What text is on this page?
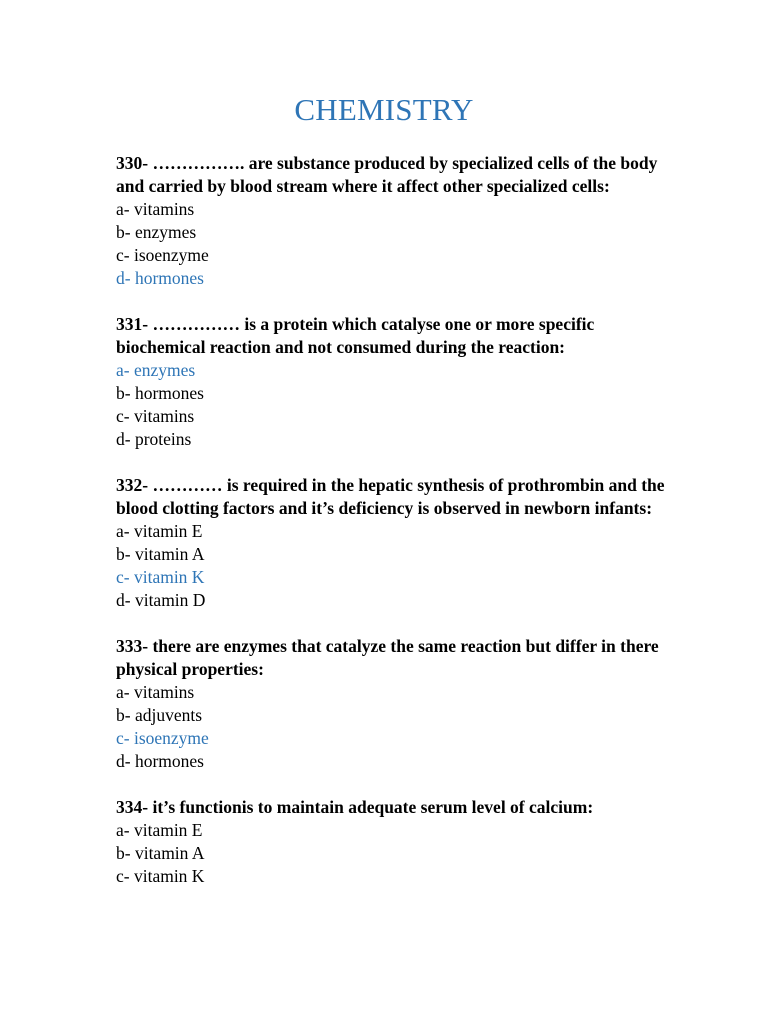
CHEMISTRY

330- ……………. are substance produced by specialized cells of the body and carried by blood stream where it affect other specialized cells:

a- vitamins
b- enzymes
c- isoenzyme
d- hormones

331- …………… is a protein which catalyse one or more specific biochemical reaction and not consumed during the reaction:

a- enzymes
b- hormones
c- vitamins
d- proteins

332- ………… is required in the hepatic synthesis of prothrombin and the blood clotting factors and it’s deficiency is observed in newborn infants:

a- vitamin E
b- vitamin A
c- vitamin K
d- vitamin D

333- there are enzymes that catalyze the same reaction but differ in there physical properties:

a- vitamins
b- adjuvents
c- isoenzyme
d- hormones

334- it’s functionis to maintain adequate serum level of calcium:

a- vitamin E
b- vitamin A
c- vitamin K
